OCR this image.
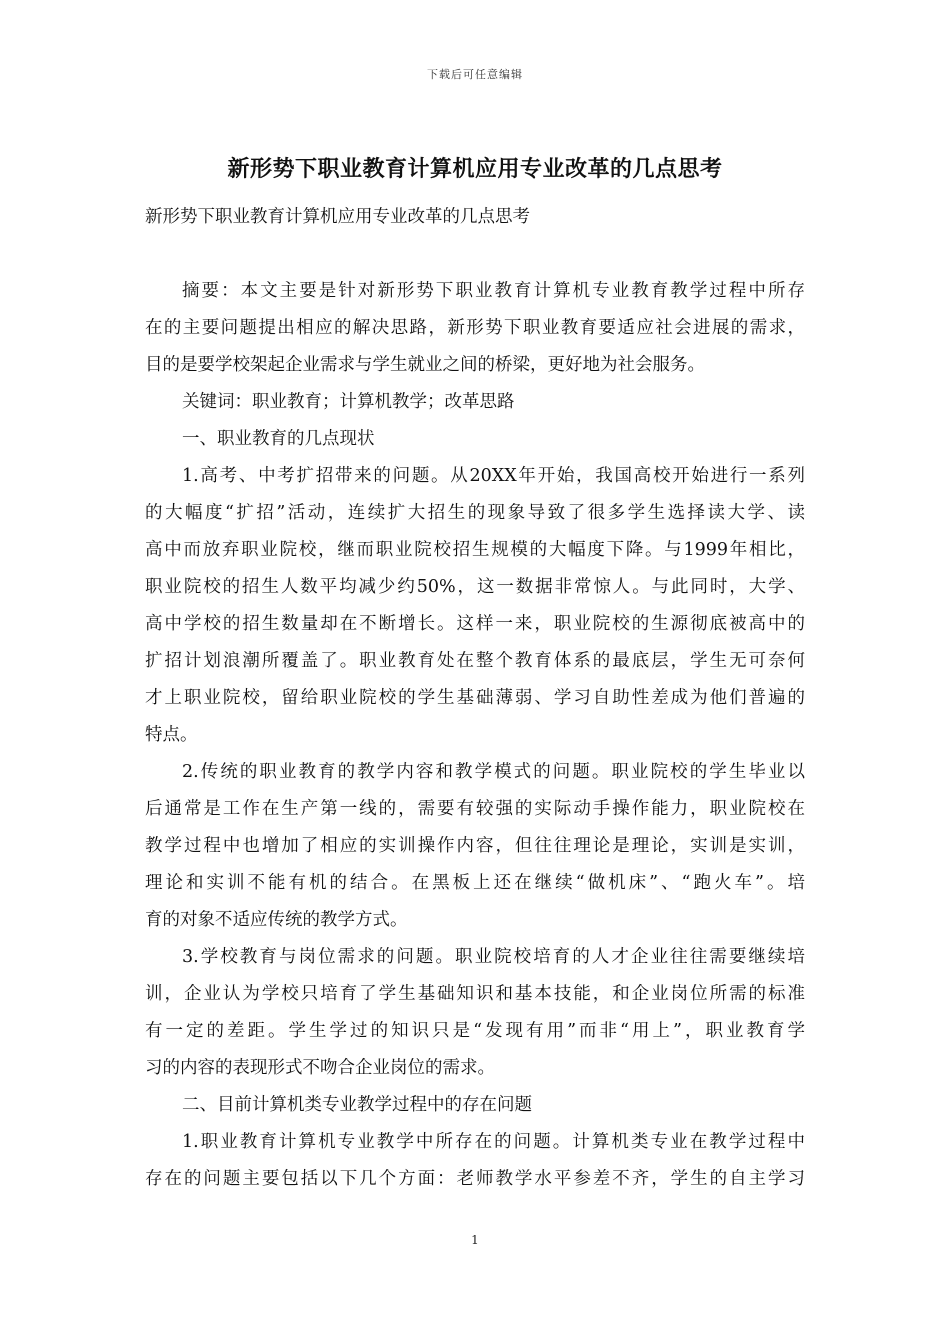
下载后可任意编辑
新形势下职业教育计算机应用专业改革的几点思考
新形势下职业教育计算机应用专业改革的几点思考
摘要：本文主要是针对新形势下职业教育计算机专业教育教学过程中所存
在的主要问题提出相应的解决思路，新形势下职业教育要适应社会进展的需求，
目的是要学校架起企业需求与学生就业之间的桥梁，更好地为社会服务。
关键词：职业教育；计算机教学；改革思路
一、职业教育的几点现状
1.高考、中考扩招带来的问题。从20XX年开始，我国高校开始进行一系列
的大幅度“扩招”活动，连续扩大招生的现象导致了很多学生选择读大学、读
高中而放弃职业院校，继而职业院校招生规模的大幅度下降。与1999年相比，
职业院校的招生人数平均减少约50%，这一数据非常惊人。与此同时，大学、
高中学校的招生数量却在不断增长。这样一来，职业院校的生源彻底被高中的
扩招计划浪潮所覆盖了。职业教育处在整个教育体系的最底层，学生无可奈何
才上职业院校，留给职业院校的学生基础薄弱、学习自助性差成为他们普遍的
特点。
2.传统的职业教育的教学内容和教学模式的问题。职业院校的学生毕业以
后通常是工作在生产第一线的，需要有较强的实际动手操作能力，职业院校在
教学过程中也增加了相应的实训操作内容，但往往理论是理论，实训是实训，
理论和实训不能有机的结合。在黑板上还在继续“做机床”、“跑火车”。培
育的对象不适应传统的教学方式。
3.学校教育与岗位需求的问题。职业院校培育的人才企业往往需要继续培
训，企业认为学校只培育了学生基础知识和基本技能，和企业岗位所需的标准
有一定的差距。学生学过的知识只是“发现有用”而非“用上”，职业教育学
习的内容的表现形式不吻合企业岗位的需求。
二、目前计算机类专业教学过程中的存在问题
1.职业教育计算机专业教学中所存在的问题。计算机类专业在教学过程中
存在的问题主要包括以下几个方面：老师教学水平参差不齐，学生的自主学习
1
